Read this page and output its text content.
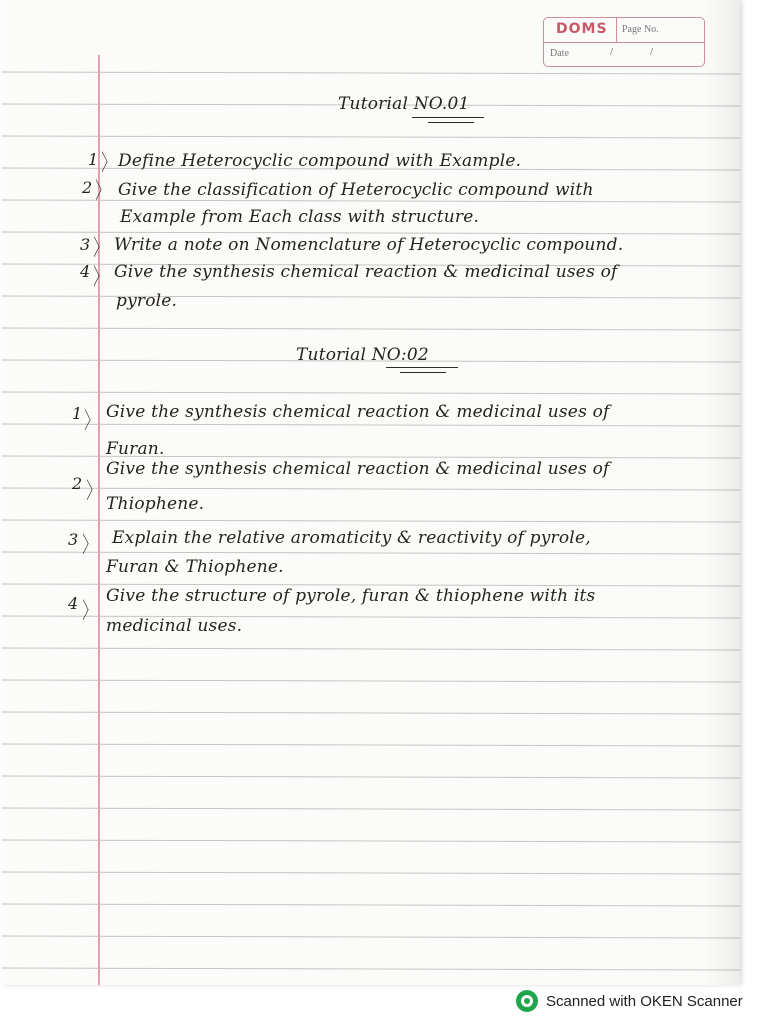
DOMS Page No.
Date	/	/
Tutorial NO.01
1 〉 Define Heterocyclic compound with Example.
2 〉 Give the classification of Heterocyclic compound with
Example from Each class with structure.
3 〉 Write a note on Nomenclature of Heterocyclic compound.
4 〉 Give the synthesis chemical reaction & medicinal uses of
pyrole.
Tutorial NO:02
1 〉 Give the synthesis chemical reaction & medicinal uses of
Furan.
2 〉
Give the synthesis chemical reaction & medicinal uses of
Thiophene.
3 〉 Explain the relative aromaticity & reactivity of pyrole,
Furan & Thiophene.
4 〉
Give the structure of pyrole, furan & thiophene with its
medicinal uses.
Scanned with OKEN Scanner
